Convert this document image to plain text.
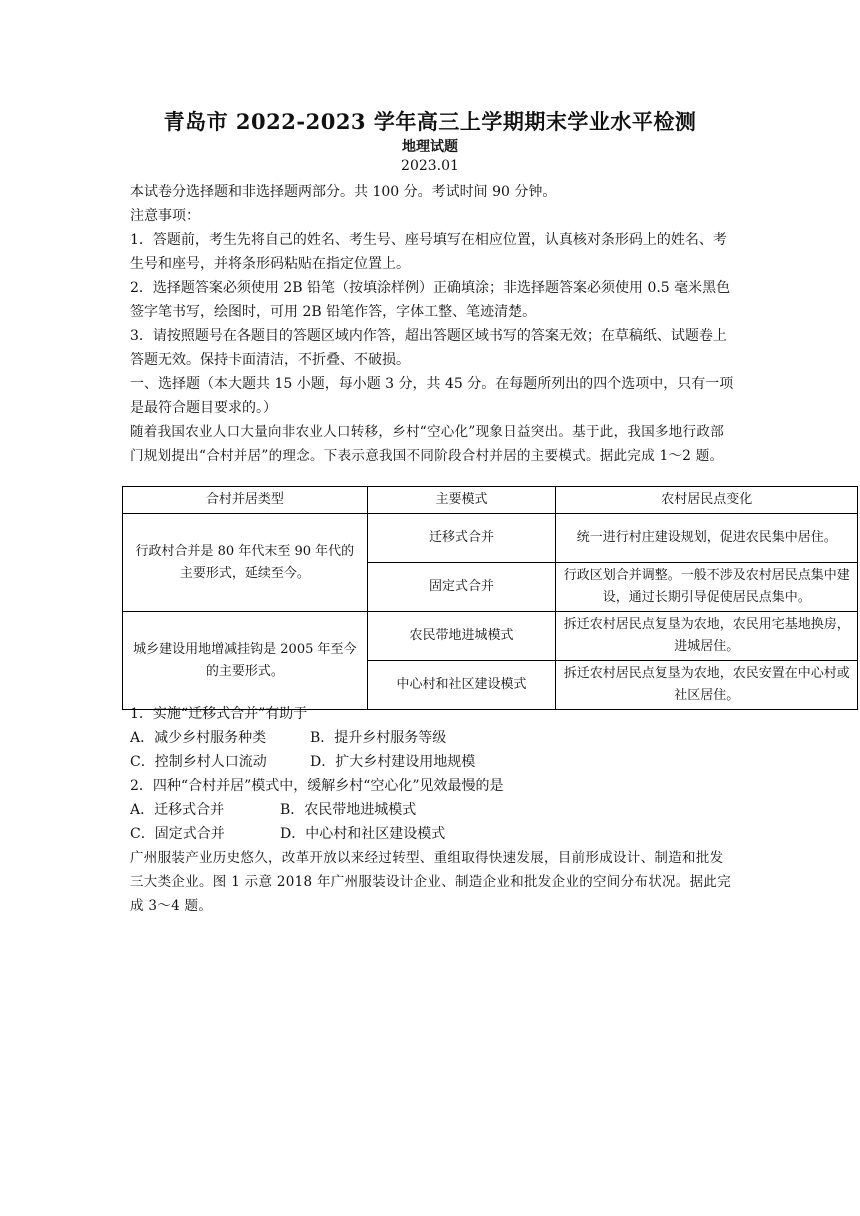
青岛市 2022-2023 学年高三上学期期末学业水平检测
地理试题
2023.01

本试卷分选择题和非选择题两部分。共 100 分。考试时间 90 分钟。

注意事项：

1．答题前，考生先将自己的姓名、考生号、座号填写在相应位置，认真核对条形码上的姓名、考生号和座号，并将条形码粘贴在指定位置上。

2．选择题答案必须使用 2B 铅笔（按填涂样例）正确填涂；非选择题答案必须使用 0.5 毫米黑色签字笔书写，绘图时，可用 2B 铅笔作答，字体工整、笔迹清楚。

3．请按照题号在各题目的答题区域内作答，超出答题区域书写的答案无效；在草稿纸、试题卷上答题无效。保持卡面清洁，不折叠、不破损。

一、选择题（本大题共 15 小题，每小题 3 分，共 45 分。在每题所列出的四个选项中，只有一项是最符合题目要求的。）

随着我国农业人口大量向非农业人口转移，乡村“空心化”现象日益突出。基于此，我国多地行政部门规划提出“合村并居”的理念。下表示意我国不同阶段合村并居的主要模式。据此完成 1～2 题。

合村并居类型	主要模式	农村居民点变化
行政村合并是 80 年代末至 90 年代的主要形式，延续至今。	迁移式合并	统一进行村庄建设规划，促进农民集中居住。
	固定式合并	行政区划合并调整。一般不涉及农村居民点集中建设，通过长期引导促使居民点集中。
城乡建设用地增减挂钩是 2005 年至今的主要形式。	农民带地进城模式	拆迁农村居民点复垦为农地，农民用宅基地换房，进城居住。
	中心村和社区建设模式	拆迁农村居民点复垦为农地，农民安置在中心村或社区居住。

1．实施“迁移式合并”有助于

A．减少乡村服务种类	B．提升乡村服务等级
C．控制乡村人口流动	D．扩大乡村建设用地规模

2．四种“合村并居”模式中，缓解乡村“空心化”见效最慢的是

A．迁移式合并	B．农民带地进城模式
C．固定式合并	D．中心村和社区建设模式

广州服装产业历史悠久，改革开放以来经过转型、重组取得快速发展，目前形成设计、制造和批发三大类企业。图 1 示意 2018 年广州服装设计企业、制造企业和批发企业的空间分布状况。据此完成 3～4 题。
